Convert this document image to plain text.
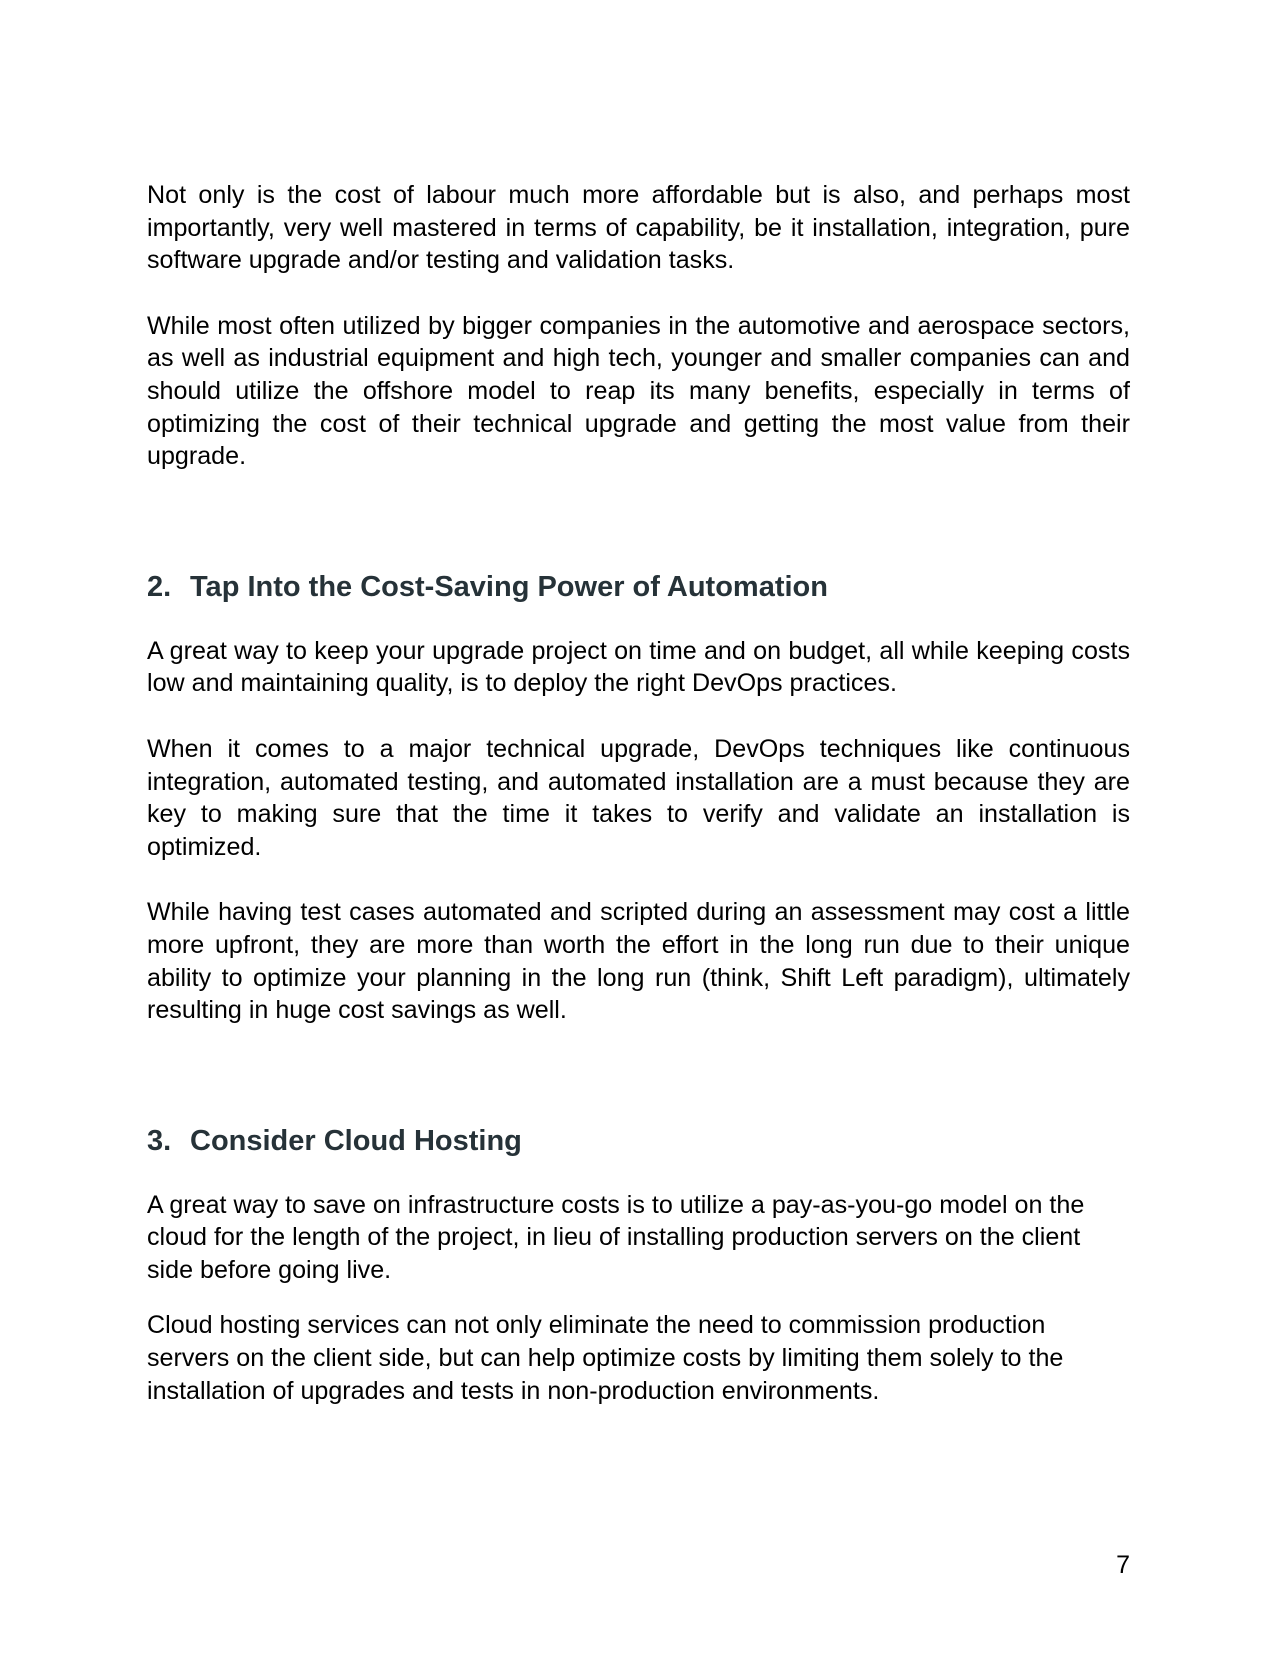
Not only is the cost of labour much more affordable but is also, and perhaps most importantly, very well mastered in terms of capability, be it installation, integration, pure software upgrade and/or testing and validation tasks.

While most often utilized by bigger companies in the automotive and aerospace sectors, as well as industrial equipment and high tech, younger and smaller companies can and should utilize the offshore model to reap its many benefits, especially in terms of optimizing the cost of their technical upgrade and getting the most value from their upgrade.

2. Tap Into the Cost-Saving Power of Automation

A great way to keep your upgrade project on time and on budget, all while keeping costs low and maintaining quality, is to deploy the right DevOps practices.

When it comes to a major technical upgrade, DevOps techniques like continuous integration, automated testing, and automated installation are a must because they are key to making sure that the time it takes to verify and validate an installation is optimized.

While having test cases automated and scripted during an assessment may cost a little more upfront, they are more than worth the effort in the long run due to their unique ability to optimize your planning in the long run (think, Shift Left paradigm), ultimately resulting in huge cost savings as well.

3. Consider Cloud Hosting

A great way to save on infrastructure costs is to utilize a pay-as-you-go model on the cloud for the length of the project, in lieu of installing production servers on the client side before going live.

Cloud hosting services can not only eliminate the need to commission production servers on the client side, but can help optimize costs by limiting them solely to the installation of upgrades and tests in non-production environments.

7
